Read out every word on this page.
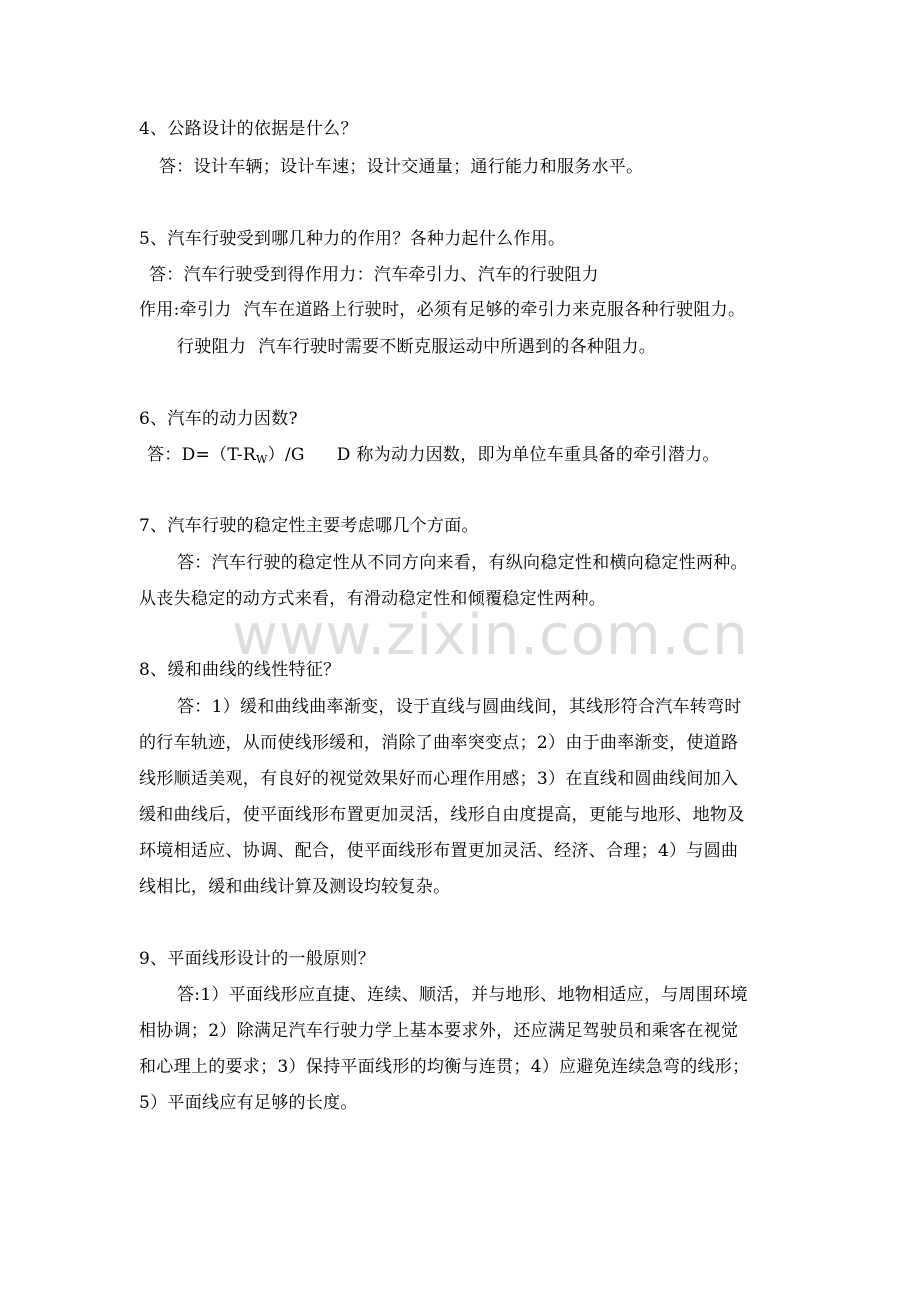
www.zixin.com.cn
4、公路设计的依据是什么？
答：设计车辆；设计车速；设计交通量；通行能力和服务水平。
5、汽车行驶受到哪几种力的作用？各种力起什么作用。
答：汽车行驶受到得作用力：汽车牵引力、汽车的行驶阻力
作用:牵引力 汽车在道路上行驶时，必须有足够的牵引力来克服各种行驶阻力。
行驶阻力 汽车行驶时需要不断克服运动中所遇到的各种阻力。
6、汽车的动力因数?
答：$D=(T-R_W)/G$ D 称为动力因数，即为单位车重具备的牵引潜力。
7、汽车行驶的稳定性主要考虑哪几个方面。
答：汽车行驶的稳定性从不同方向来看，有纵向稳定性和横向稳定性两种。
从丧失稳定的动方式来看，有滑动稳定性和倾覆稳定性两种。
8、缓和曲线的线性特征？
答：1）缓和曲线曲率渐变，设于直线与圆曲线间，其线形符合汽车转弯时
的行车轨迹，从而使线形缓和，消除了曲率突变点；2）由于曲率渐变，使道路
线形顺适美观，有良好的视觉效果好而心理作用感；3）在直线和圆曲线间加入
缓和曲线后，使平面线形布置更加灵活，线形自由度提高，更能与地形、地物及
环境相适应、协调、配合，使平面线形布置更加灵活、经济、合理；4）与圆曲
线相比，缓和曲线计算及测设均较复杂。
9、平面线形设计的一般原则？
答:1）平面线形应直捷、连续、顺活，并与地形、地物相适应，与周围环境
相协调；2）除满足汽车行驶力学上基本要求外，还应满足驾驶员和乘客在视觉
和心理上的要求；3）保持平面线形的均衡与连贯；4）应避免连续急弯的线形；
5）平面线应有足够的长度。
